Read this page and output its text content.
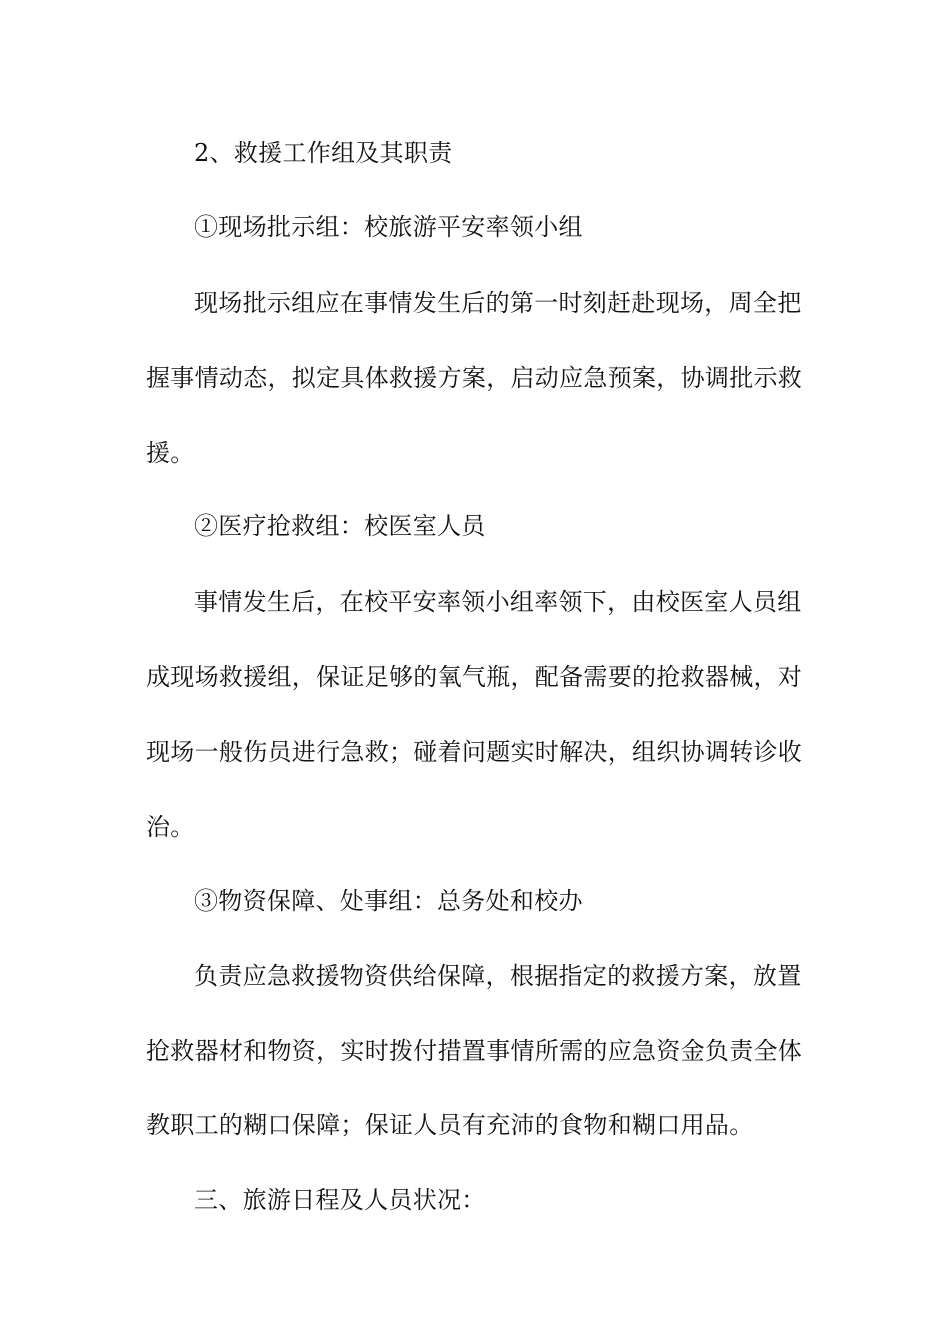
2、救援工作组及其职责
①现场批示组：校旅游平安率领小组
现场批示组应在事情发生后的第一时刻赶赴现场，周全把
握事情动态，拟定具体救援方案，启动应急预案，协调批示救
援。
②医疗抢救组：校医室人员
事情发生后，在校平安率领小组率领下，由校医室人员组
成现场救援组，保证足够的氧气瓶，配备需要的抢救器械，对
现场一般伤员进行急救；碰着问题实时解决，组织协调转诊收
治。
③物资保障、处事组：总务处和校办
负责应急救援物资供给保障，根据指定的救援方案，放置
抢救器材和物资，实时拨付措置事情所需的应急资金负责全体
教职工的糊口保障；保证人员有充沛的食物和糊口用品。
三、旅游日程及人员状况：
